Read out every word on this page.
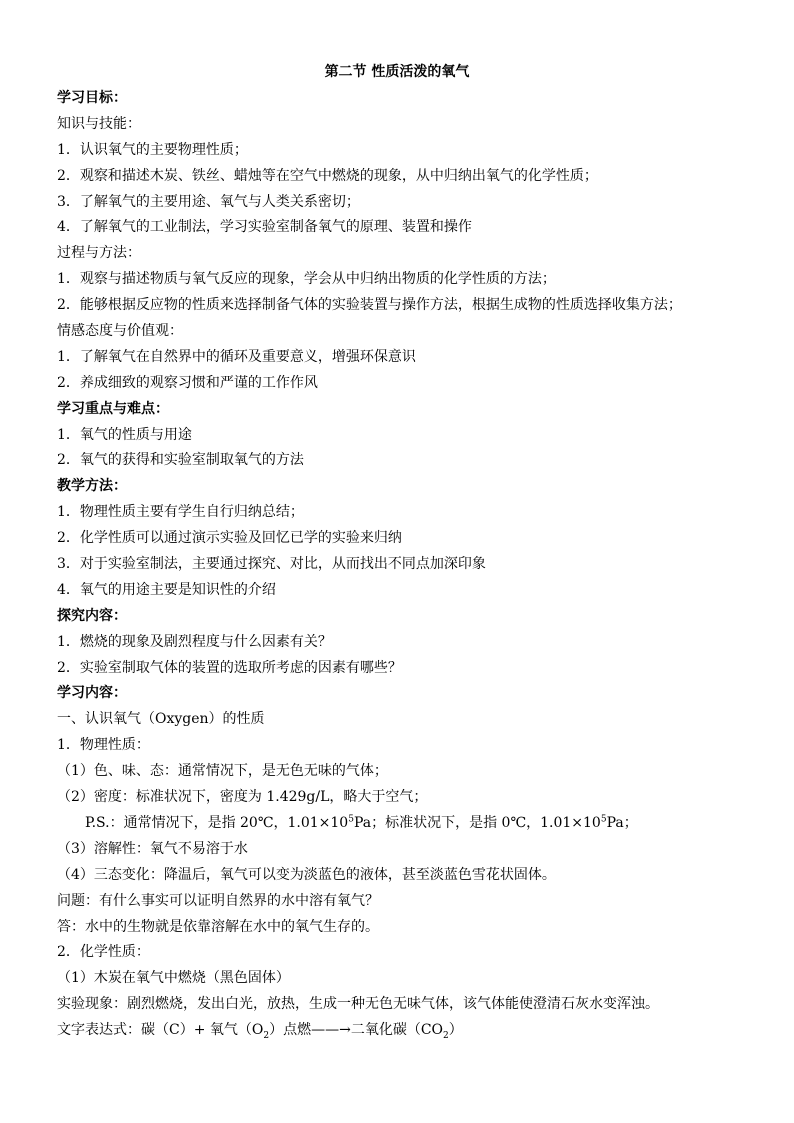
第二节 性质活泼的氧气
学习目标：
知识与技能：
1．认识氧气的主要物理性质；
2．观察和描述木炭、铁丝、蜡烛等在空气中燃烧的现象，从中归纳出氧气的化学性质；
3．了解氧气的主要用途、氧气与人类关系密切；
4．了解氧气的工业制法，学习实验室制备氧气的原理、装置和操作
过程与方法：
1．观察与描述物质与氧气反应的现象，学会从中归纳出物质的化学性质的方法；
2．能够根据反应物的性质来选择制备气体的实验装置与操作方法，根据生成物的性质选择收集方法；
情感态度与价值观：
1．了解氧气在自然界中的循环及重要意义，增强环保意识
2．养成细致的观察习惯和严谨的工作作风
学习重点与难点：
1．氧气的性质与用途
2．氧气的获得和实验室制取氧气的方法
教学方法：
1．物理性质主要有学生自行归纳总结；
2．化学性质可以通过演示实验及回忆已学的实验来归纳
3．对于实验室制法，主要通过探究、对比，从而找出不同点加深印象
4．氧气的用途主要是知识性的介绍
探究内容：
1．燃烧的现象及剧烈程度与什么因素有关？
2．实验室制取气体的装置的选取所考虑的因素有哪些？
学习内容：
一、认识氧气（Oxygen）的性质
1．物理性质：
（1）色、味、态：通常情况下，是无色无味的气体；
（2）密度：标准状况下，密度为 1.429g/L，略大于空气；
P.S.：通常情况下，是指 20℃，$1.01\times 10^5Pa$；标准状况下，是指 0℃，$1.01\times 10^5Pa$；
（3）溶解性：氧气不易溶于水
（4）三态变化：降温后，氧气可以变为淡蓝色的液体，甚至淡蓝色雪花状固体。
问题：有什么事实可以证明自然界的水中溶有氧气？
答：水中的生物就是依靠溶解在水中的氧气生存的。
2．化学性质：
（1）木炭在氧气中燃烧（黑色固体）
实验现象：剧烈燃烧，发出白光，放热，生成一种无色无味气体，该气体能使澄清石灰水变浑浊。
文字表达式：碳（C）+ 氧气$(O_2)$点燃——→二氧化碳$(CO_2)$
